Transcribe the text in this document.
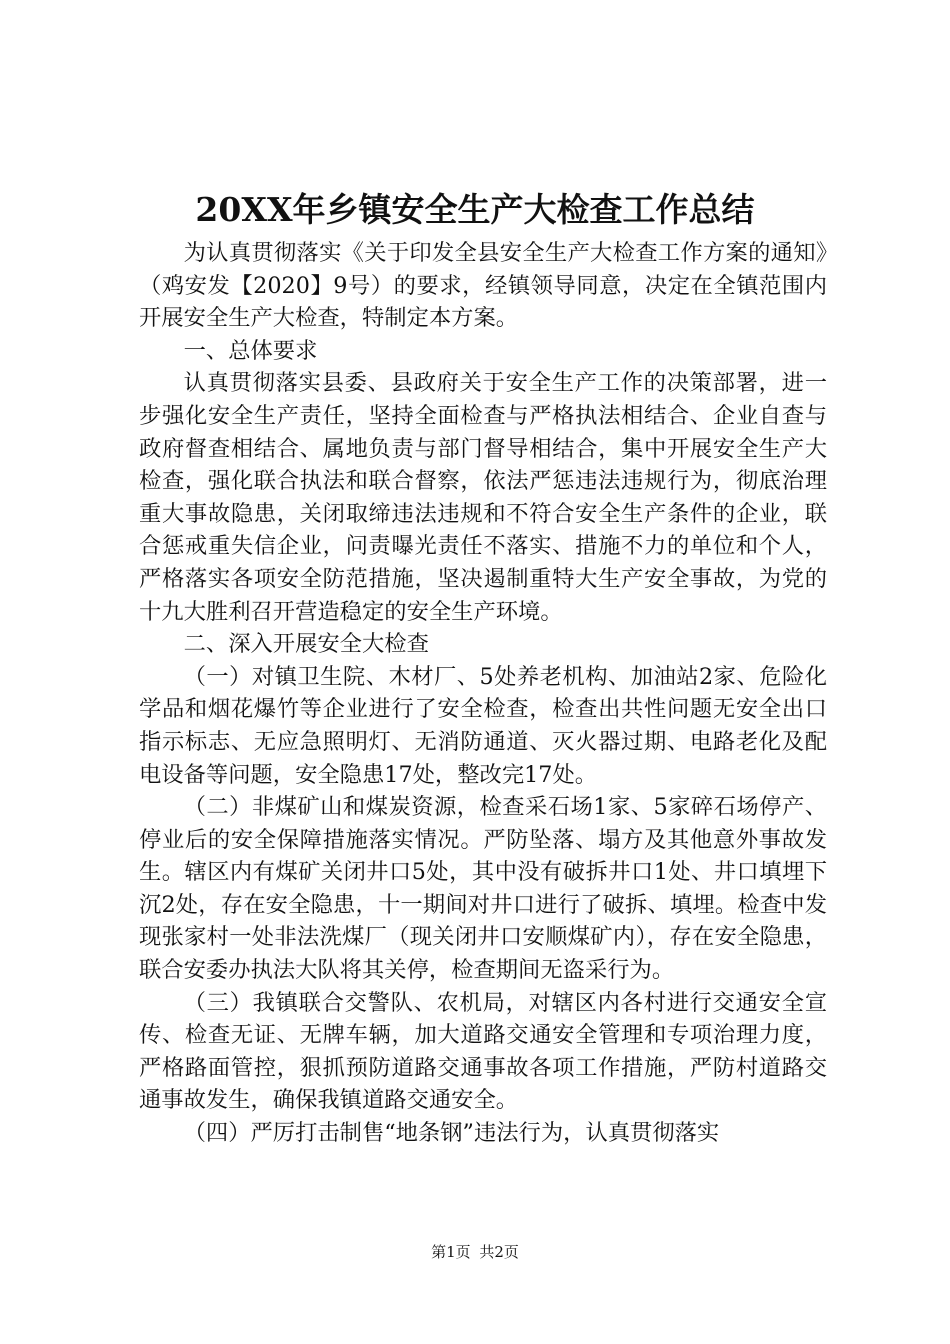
20XX年乡镇安全生产大检查工作总结

为认真贯彻落实《关于印发全县安全生产大检查工作方案的通知》（鸡安发【2020】9号）的要求，经镇领导同意，决定在全镇范围内开展安全生产大检查，特制定本方案。

一、总体要求

认真贯彻落实县委、县政府关于安全生产工作的决策部署，进一步强化安全生产责任，坚持全面检查与严格执法相结合、企业自查与政府督查相结合、属地负责与部门督导相结合，集中开展安全生产大检查，强化联合执法和联合督察，依法严惩违法违规行为，彻底治理重大事故隐患，关闭取缔违法违规和不符合安全生产条件的企业，联合惩戒重失信企业，问责曝光责任不落实、措施不力的单位和个人，严格落实各项安全防范措施，坚决遏制重特大生产安全事故，为党的十九大胜利召开营造稳定的安全生产环境。

二、深入开展安全大检查

（一）对镇卫生院、木材厂、5处养老机构、加油站2家、危险化学品和烟花爆竹等企业进行了安全检查，检查出共性问题无安全出口指示标志、无应急照明灯、无消防通道、灭火器过期、电路老化及配电设备等问题，安全隐患17处，整改完17处。

（二）非煤矿山和煤炭资源，检查采石场1家、5家碎石场停产、停业后的安全保障措施落实情况。严防坠落、塌方及其他意外事故发生。辖区内有煤矿关闭井口5处，其中没有破拆井口1处、井口填埋下沉2处，存在安全隐患，十一期间对井口进行了破拆、填埋。检查中发现张家村一处非法洗煤厂（现关闭井口安顺煤矿内），存在安全隐患，联合安委办执法大队将其关停，检查期间无盗采行为。

（三）我镇联合交警队、农机局，对辖区内各村进行交通安全宣传、检查无证、无牌车辆，加大道路交通安全管理和专项治理力度，严格路面管控，狠抓预防道路交通事故各项工作措施，严防村道路交通事故发生，确保我镇道路交通安全。

（四）严厉打击制售“地条钢”违法行为，认真贯彻落实

第1页 共2页
